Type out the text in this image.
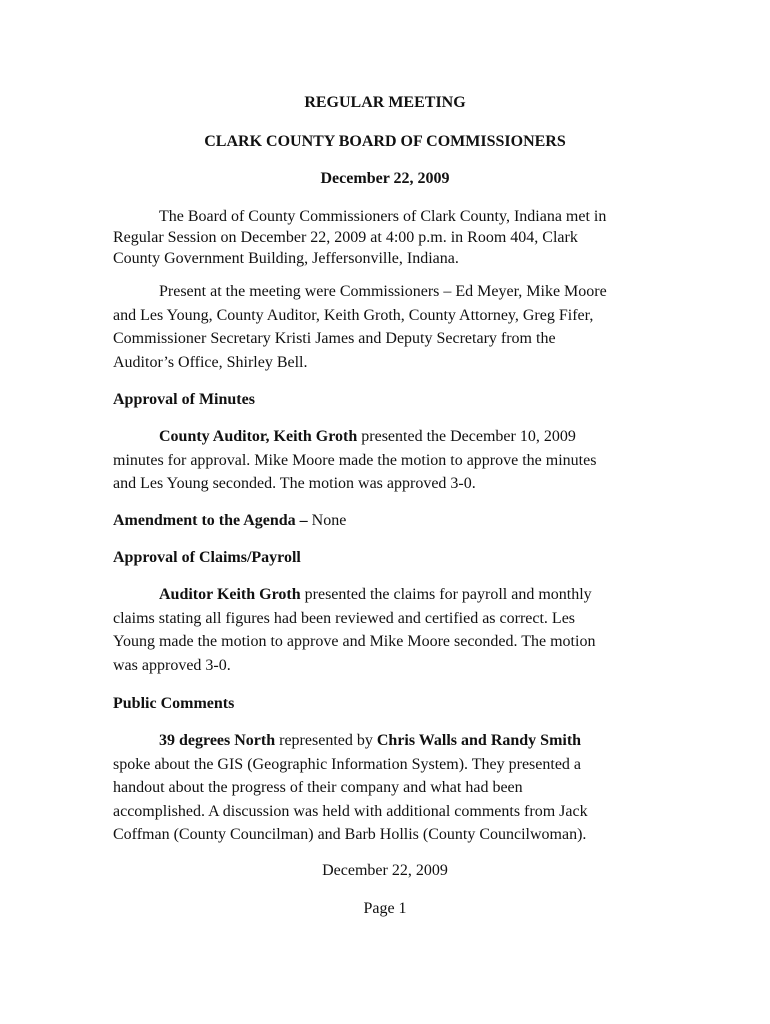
REGULAR MEETING
CLARK COUNTY BOARD OF COMMISSIONERS
December 22, 2009
The Board of County Commissioners of Clark County, Indiana met in
Regular Session on December 22, 2009 at 4:00 p.m. in Room 404, Clark
County Government Building, Jeffersonville, Indiana.
Present at the meeting were Commissioners – Ed Meyer, Mike Moore
and Les Young, County Auditor, Keith Groth, County Attorney, Greg Fifer,
Commissioner Secretary Kristi James and Deputy Secretary from the
Auditor’s Office, Shirley Bell.
Approval of Minutes
County Auditor, Keith Groth presented the December 10, 2009
minutes for approval. Mike Moore made the motion to approve the minutes
and Les Young seconded. The motion was approved 3-0.
Amendment to the Agenda – None
Approval of Claims/Payroll
Auditor Keith Groth presented the claims for payroll and monthly
claims stating all figures had been reviewed and certified as correct. Les
Young made the motion to approve and Mike Moore seconded. The motion
was approved 3-0.
Public Comments
39 degrees North represented by Chris Walls and Randy Smith
spoke about the GIS (Geographic Information System). They presented a
handout about the progress of their company and what had been
accomplished. A discussion was held with additional comments from Jack
Coffman (County Councilman) and Barb Hollis (County Councilwoman).
December 22, 2009
Page 1
